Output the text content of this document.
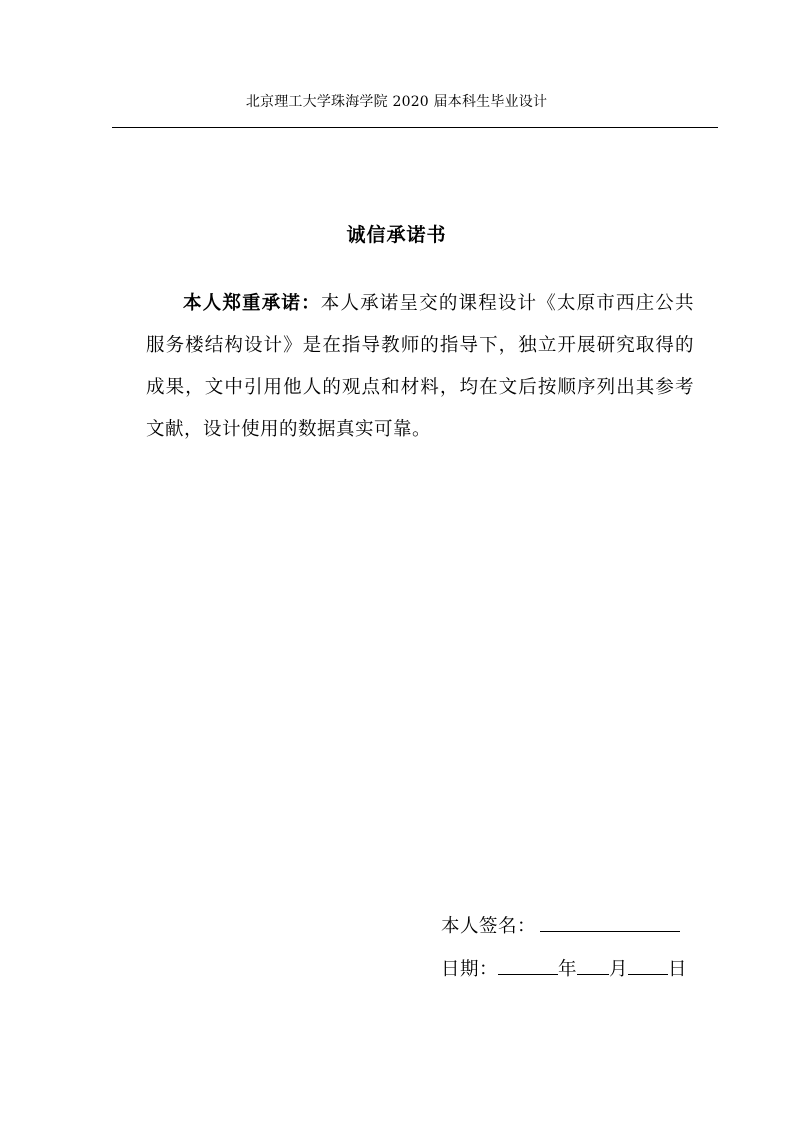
北京理工大学珠海学院 2020 届本科生毕业设计
诚信承诺书

本人郑重承诺：本人承诺呈交的课程设计《太原市西庄公共服务楼结构设计》是在指导教师的指导下，独立开展研究取得的成果，文中引用他人的观点和材料，均在文后按顺序列出其参考文献，设计使用的数据真实可靠。

本人签名：
日期：	年 月 日
